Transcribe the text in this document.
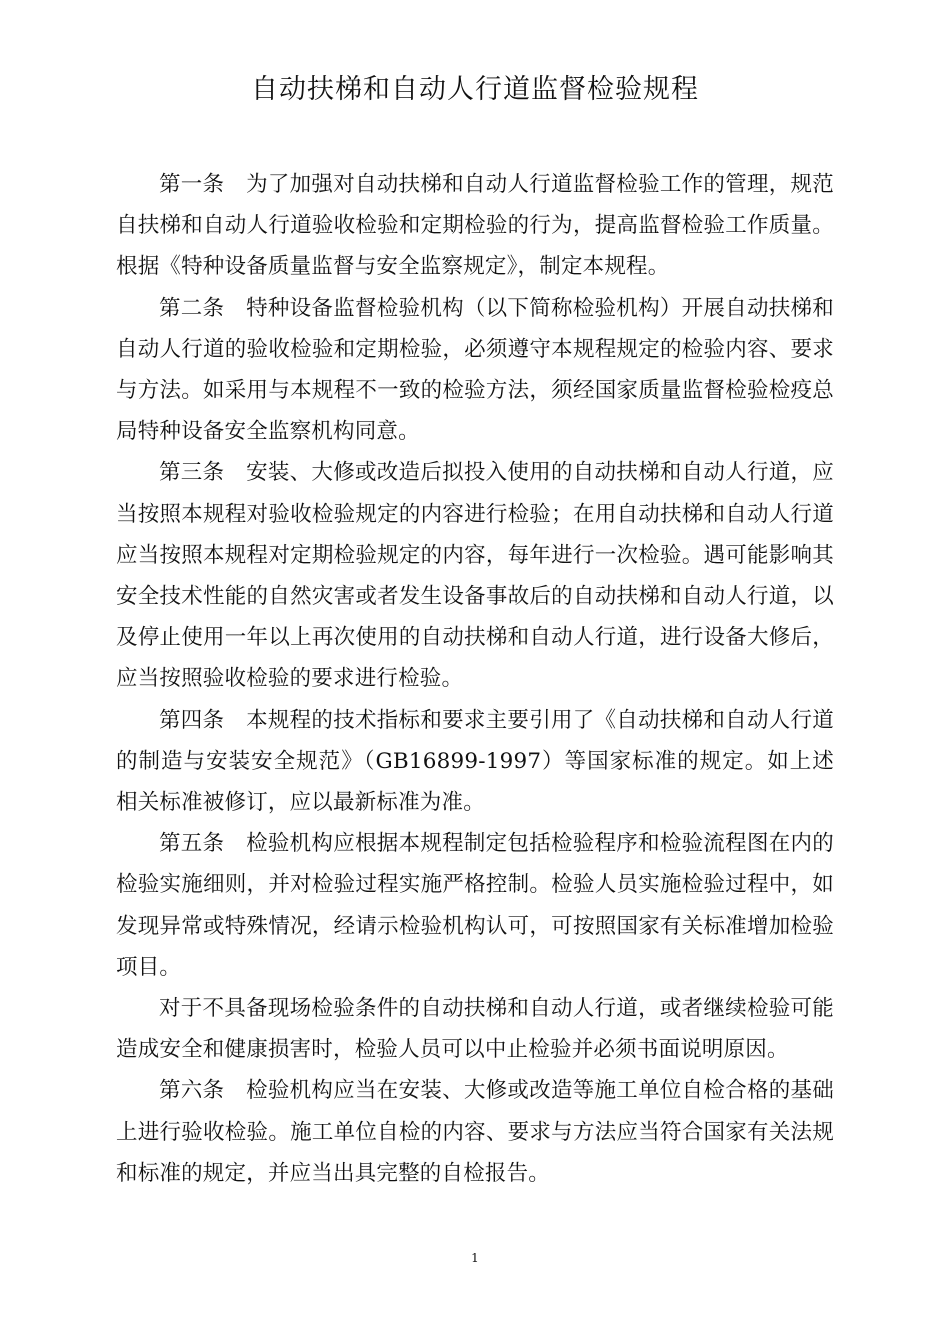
自动扶梯和自动人行道监督检验规程

第一条　为了加强对自动扶梯和自动人行道监督检验工作的管理，规范自扶梯和自动人行道验收检验和定期检验的行为，提高监督检验工作质量。根据《特种设备质量监督与安全监察规定》，制定本规程。

第二条　特种设备监督检验机构（以下简称检验机构）开展自动扶梯和自动人行道的验收检验和定期检验，必须遵守本规程规定的检验内容、要求与方法。如采用与本规程不一致的检验方法，须经国家质量监督检验检疫总局特种设备安全监察机构同意。

第三条　安装、大修或改造后拟投入使用的自动扶梯和自动人行道，应当按照本规程对验收检验规定的内容进行检验；在用自动扶梯和自动人行道应当按照本规程对定期检验规定的内容，每年进行一次检验。遇可能影响其安全技术性能的自然灾害或者发生设备事故后的自动扶梯和自动人行道，以及停止使用一年以上再次使用的自动扶梯和自动人行道，进行设备大修后，应当按照验收检验的要求进行检验。

第四条　本规程的技术指标和要求主要引用了《自动扶梯和自动人行道的制造与安装安全规范》（GB16899-1997）等国家标准的规定。如上述相关标准被修订，应以最新标准为准。

第五条　检验机构应根据本规程制定包括检验程序和检验流程图在内的检验实施细则，并对检验过程实施严格控制。检验人员实施检验过程中，如发现异常或特殊情况，经请示检验机构认可，可按照国家有关标准增加检验项目。

对于不具备现场检验条件的自动扶梯和自动人行道，或者继续检验可能造成安全和健康损害时，检验人员可以中止检验并必须书面说明原因。

第六条　检验机构应当在安装、大修或改造等施工单位自检合格的基础上进行验收检验。施工单位自检的内容、要求与方法应当符合国家有关法规和标准的规定，并应当出具完整的自检报告。

1
